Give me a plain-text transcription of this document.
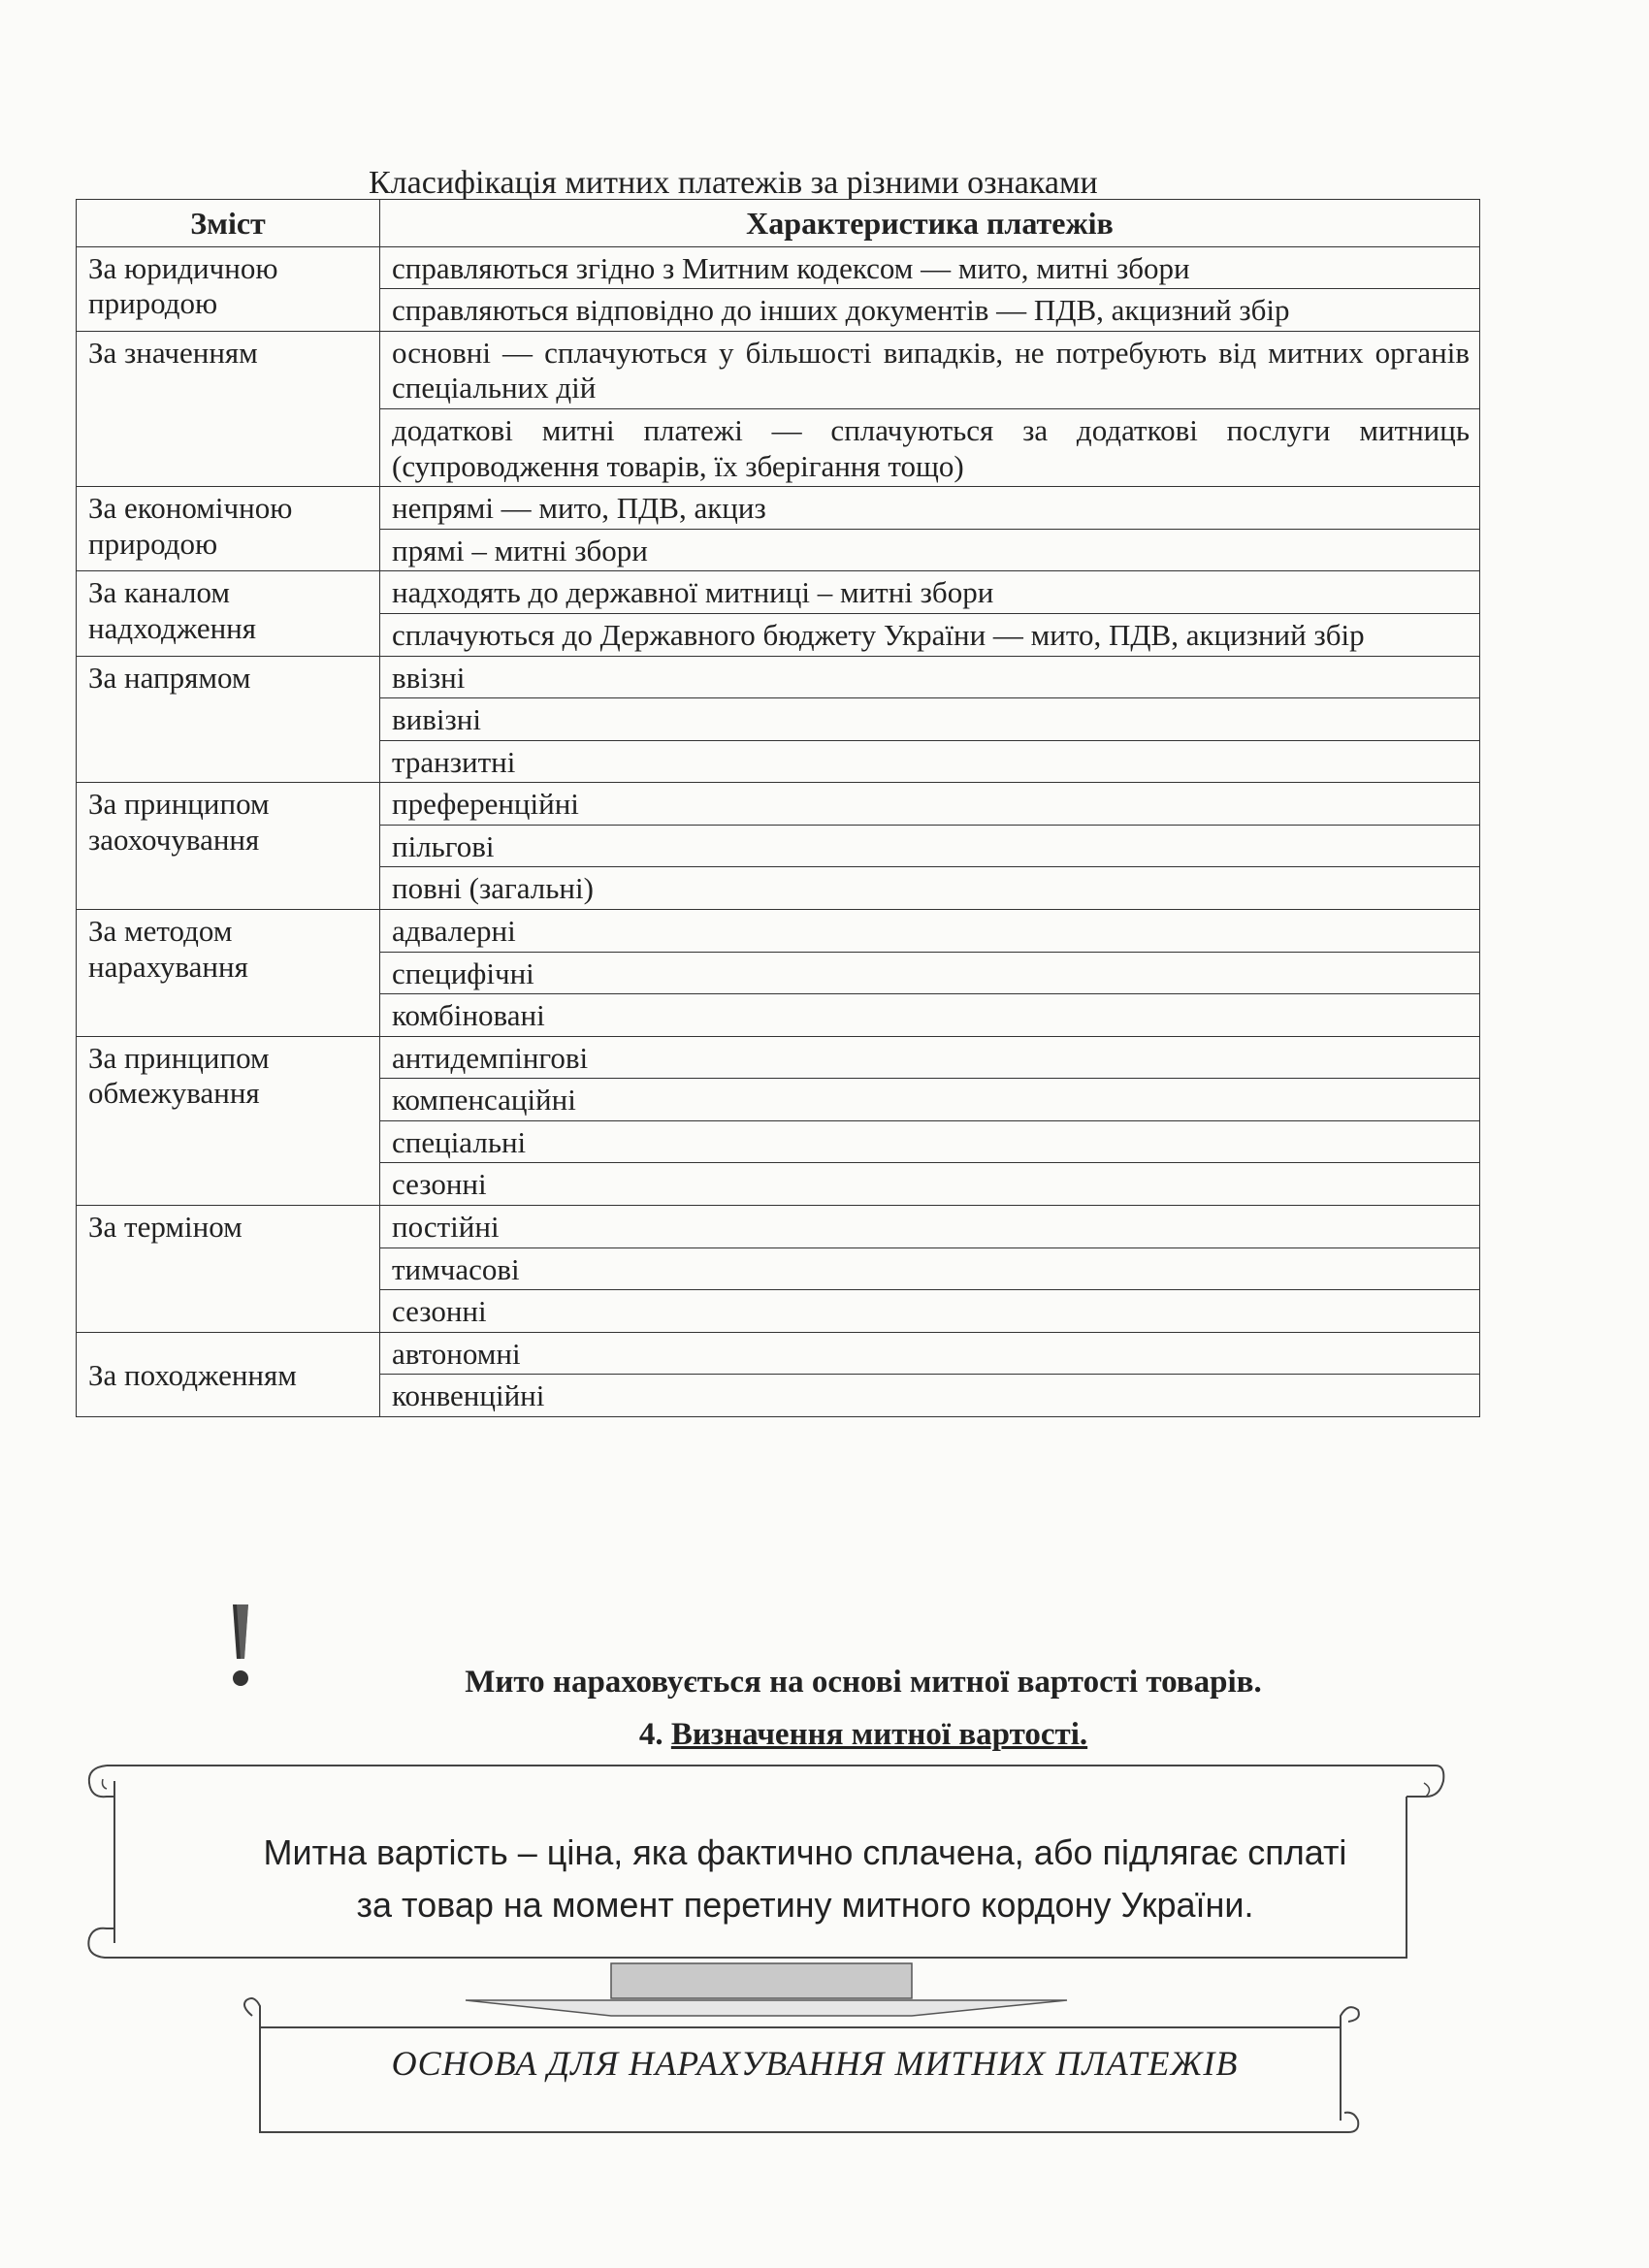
Класифікація митних платежів за різними ознаками
Зміст	Характеристика платежів
За юридичною природою	справляються згідно з Митним кодексом — мито, митні збори
	справляються відповідно до інших документів — ПДВ, акцизний збір
За значенням	основні — сплачуються у більшості випадків, не потребують від митних органів спеціальних дій
	додаткові митні платежі — сплачуються за додаткові послуги митниць (супроводження товарів, їх зберігання тощо)
За економічною природою	непрямі — мито, ПДВ, акциз
	прямі – митні збори
За каналом надходження	надходять до державної митниці – митні збори
	сплачуються до Державного бюджету України — мито, ПДВ, акцизний збір
За напрямом	ввізні
	вивізні
	транзитні
За принципом заохочування	преференційні
	пільгові
	повні (загальні)
За методом нарахування	адвалерні
	специфічні
	комбіновані
За принципом обмежування	антидемпінгові
	компенсаційні
	спеціальні
	сезонні
За терміном	постійні
	тимчасові
	сезонні
За походженням	автономні
	конвенційні
Мито нараховується на основі митної вартості товарів.
4. Визначення митної вартості.
Митна вартість – ціна, яка фактично сплачена, або підлягає сплаті
за товар на момент перетину митного кордону України.
ОСНОВА ДЛЯ НАРАХУВАННЯ МИТНИХ ПЛАТЕЖІВ
